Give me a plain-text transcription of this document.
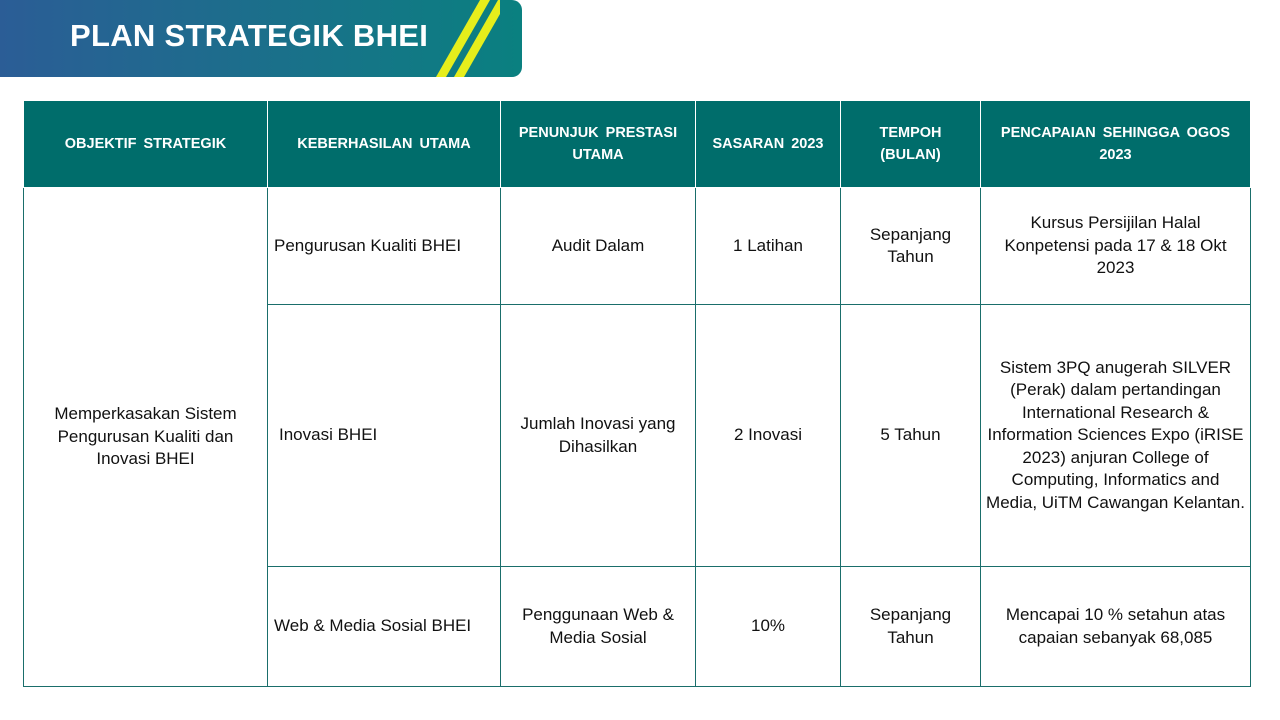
PLAN STRATEGIK BHEI
OBJEKTIF STRATEGIK	KEBERHASILAN UTAMA	PENUNJUK PRESTASI UTAMA	SASARAN 2023	TEMPOH (BULAN)	PENCAPAIAN SEHINGGA OGOS 2023
Memperkasakan Sistem Pengurusan Kualiti dan Inovasi BHEI	Pengurusan Kualiti BHEI	Audit Dalam	1 Latihan	Sepanjang Tahun	Kursus Persijilan Halal Konpetensi pada 17 & 18 Okt 2023
	Inovasi BHEI	Jumlah Inovasi yang Dihasilkan	2 Inovasi	5 Tahun	Sistem 3PQ anugerah SILVER (Perak) dalam pertandingan International Research & Information Sciences Expo (iRISE 2023) anjuran College of Computing, Informatics and Media, UiTM Cawangan Kelantan.
	Web & Media Sosial BHEI	Penggunaan Web & Media Sosial	10%	Sepanjang Tahun	Mencapai 10 % setahun atas capaian sebanyak 68,085
